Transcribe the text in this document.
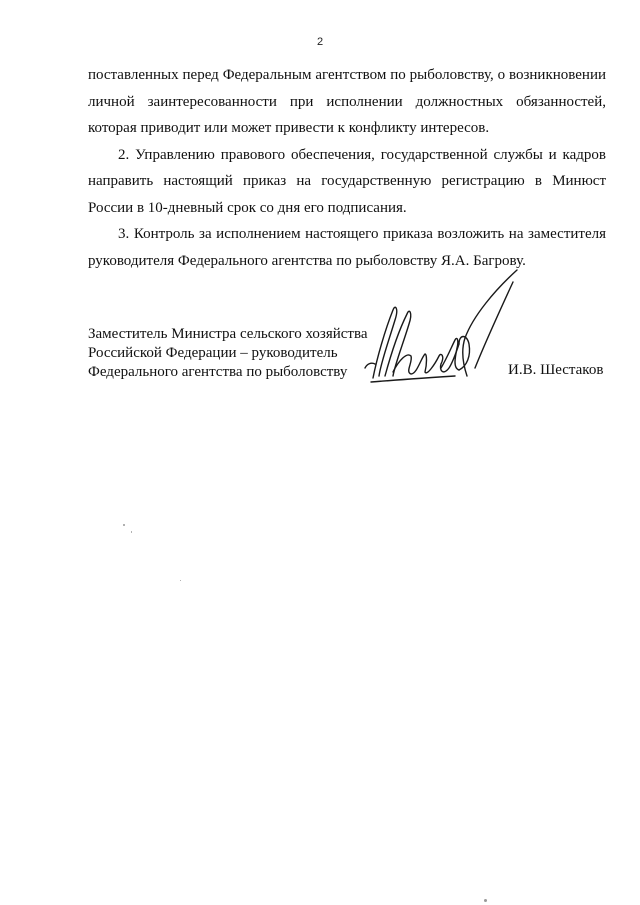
2

поставленных перед Федеральным агентством по рыболовству, о возникновении личной заинтересованности при исполнении должностных обязанностей, которая приводит или может привести к конфликту интересов.

2. Управлению правового обеспечения, государственной службы и кадров направить настоящий приказ на государственную регистрацию в Минюст России в 10-дневный срок со дня его подписания.

3. Контроль за исполнением настоящего приказа возложить на заместителя руководителя Федерального агентства по рыболовству Я.А. Багрову.

Заместитель Министра сельского хозяйства
Российской Федерации – руководитель
Федерального агентства по рыболовству	И.В. Шестаков
